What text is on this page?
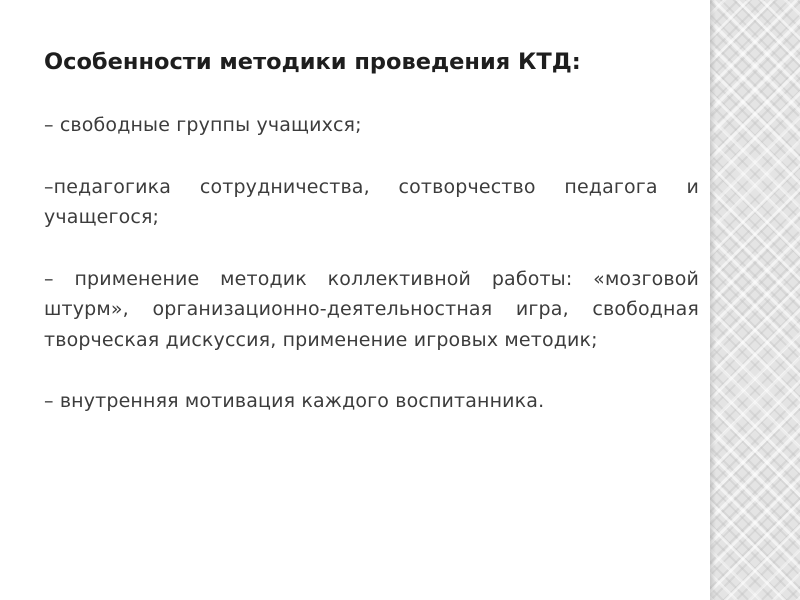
Особенности методики проведения КТД:

– свободные группы учащихся;

–педагогика сотрудничества, сотворчество педагога и учащегося;

– применение методик коллективной работы: «мозговой штурм», организационно-деятельностная игра, свободная творческая дискуссия, применение игровых методик;

– внутренняя мотивация каждого воспитанника.
